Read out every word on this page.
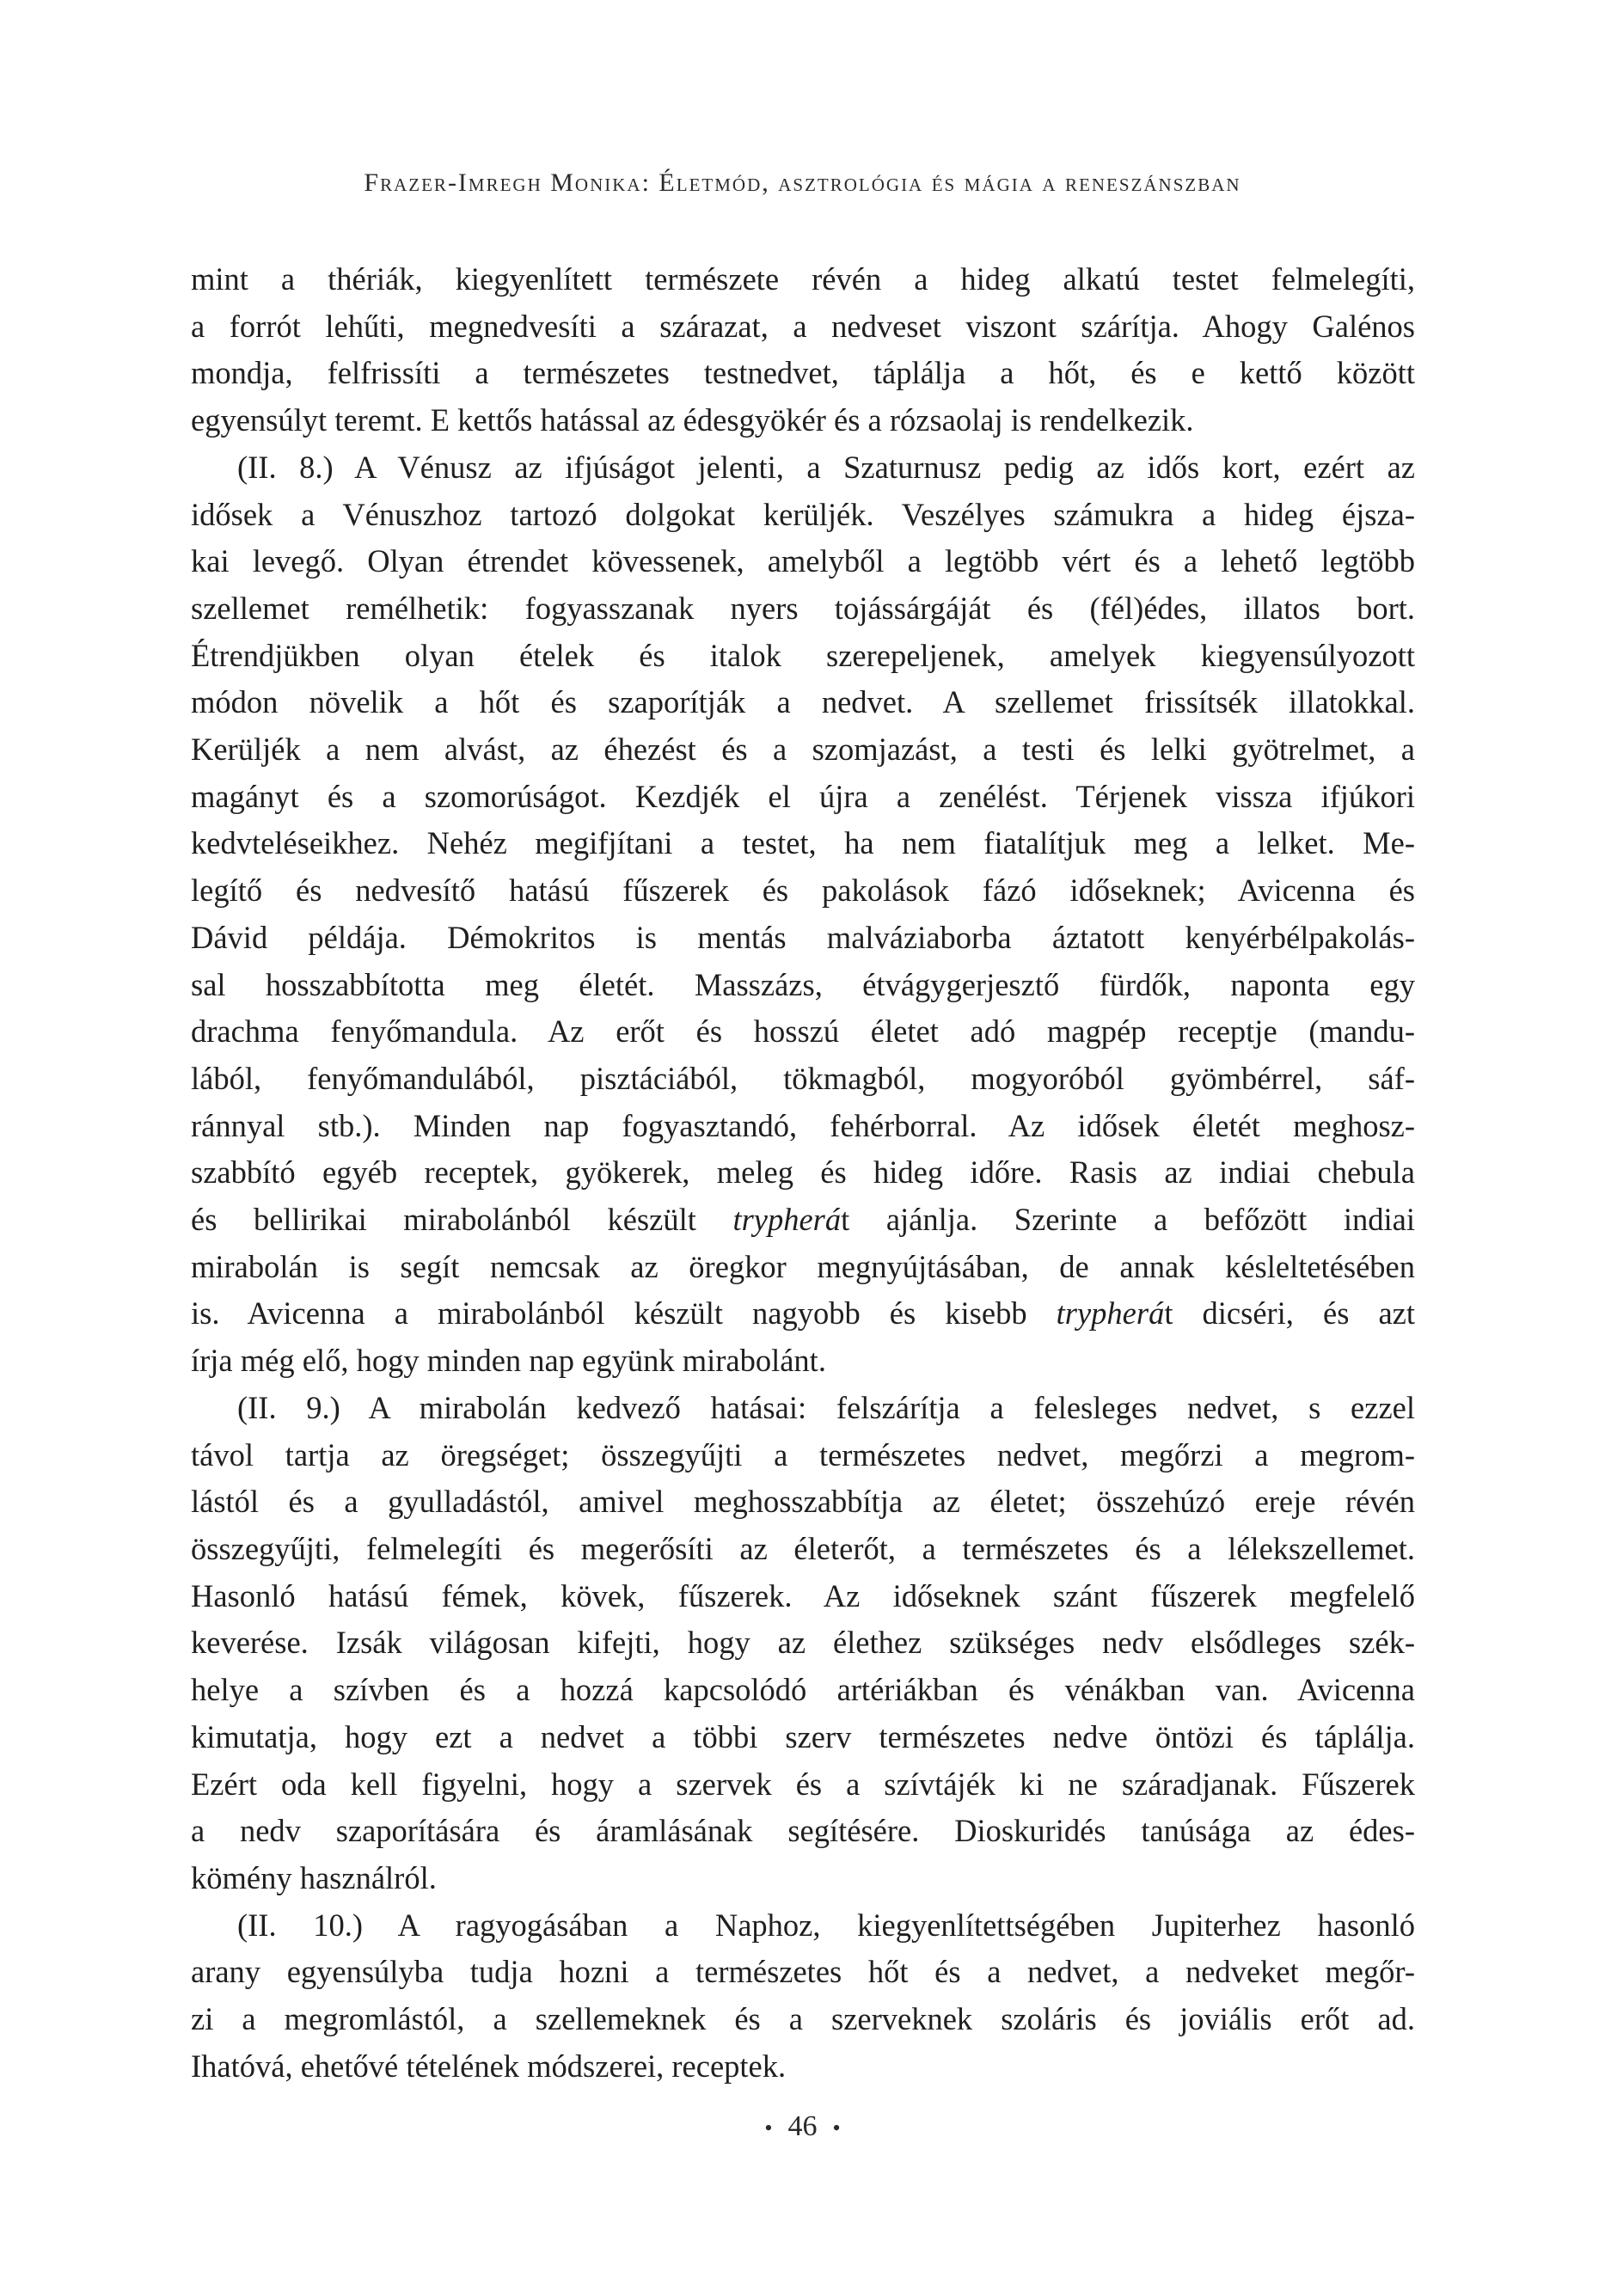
Frazer-Imregh Monika: Életmód, asztrológia és mágia a reneszánszban
mint a thériák, kiegyenlített természete révén a hideg alkatú testet felmelegíti,
a forrót lehűti, megnedvesíti a szárazat, a nedveset viszont szárítja. Ahogy Galénos
mondja, felfrissíti a természetes testnedvet, táplálja a hőt, és e kettő között
egyensúlyt teremt. E kettős hatással az édesgyökér és a rózsaolaj is rendelkezik.
(II. 8.) A Vénusz az ifjúságot jelenti, a Szaturnusz pedig az idős kort, ezért az
idősek a Vénuszhoz tartozó dolgokat kerüljék. Veszélyes számukra a hideg éjsza-
kai levegő. Olyan étrendet kövessenek, amelyből a legtöbb vért és a lehető legtöbb
szellemet remélhetik: fogyasszanak nyers tojássárgáját és (fél)édes, illatos bort.
Étrendjükben olyan ételek és italok szerepeljenek, amelyek kiegyensúlyozott
módon növelik a hőt és szaporítják a nedvet. A szellemet frissítsék illatokkal.
Kerüljék a nem alvást, az éhezést és a szomjazást, a testi és lelki gyötrelmet, a
magányt és a szomorúságot. Kezdjék el újra a zenélést. Térjenek vissza ifjúkori
kedvteléseikhez. Nehéz megifjítani a testet, ha nem fiatalítjuk meg a lelket. Me-
legítő és nedvesítő hatású fűszerek és pakolások fázó időseknek; Avicenna és
Dávid példája. Démokritos is mentás malváziaborba áztatott kenyérbélpakolás-
sal hosszabbította meg életét. Masszázs, étvágygerjesztő fürdők, naponta egy
drachma fenyőmandula. Az erőt és hosszú életet adó magpép receptje (mandu-
lából, fenyőmandulából, pisztáciából, tökmagból, mogyoróból gyömbérrel, sáf-
ránnyal stb.). Minden nap fogyasztandó, fehérborral. Az idősek életét meghosz-
szabbító egyéb receptek, gyökerek, meleg és hideg időre. Rasis az indiai chebula
és bellirikai mirabolánból készült trypherát ajánlja. Szerinte a befőzött indiai
mirabolán is segít nemcsak az öregkor megnyújtásában, de annak késleltetésében
is. Avicenna a mirabolánból készült nagyobb és kisebb trypherát dicséri, és azt
írja még elő, hogy minden nap együnk mirabolánt.
(II. 9.) A mirabolán kedvező hatásai: felszárítja a felesleges nedvet, s ezzel
távol tartja az öregséget; összegyűjti a természetes nedvet, megőrzi a megrom-
lástól és a gyulladástól, amivel meghosszabbítja az életet; összehúzó ereje révén
összegyűjti, felmelegíti és megerősíti az életerőt, a természetes és a lélekszellemet.
Hasonló hatású fémek, kövek, fűszerek. Az időseknek szánt fűszerek megfelelő
keverése. Izsák világosan kifejti, hogy az élethez szükséges nedv elsődleges szék-
helye a szívben és a hozzá kapcsolódó artériákban és vénákban van. Avicenna
kimutatja, hogy ezt a nedvet a többi szerv természetes nedve öntözi és táplálja.
Ezért oda kell figyelni, hogy a szervek és a szívtájék ki ne száradjanak. Fűszerek
a nedv szaporítására és áramlásának segítésére. Dioskuridés tanúsága az édes-
kömény használról.
(II. 10.) A ragyogásában a Naphoz, kiegyenlítettségében Jupiterhez hasonló
arany egyensúlyba tudja hozni a természetes hőt és a nedvet, a nedveket megőr-
zi a megromlástól, a szellemeknek és a szerveknek szoláris és joviális erőt ad.
Ihatóvá, ehetővé tételének módszerei, receptek.
• 46 •
